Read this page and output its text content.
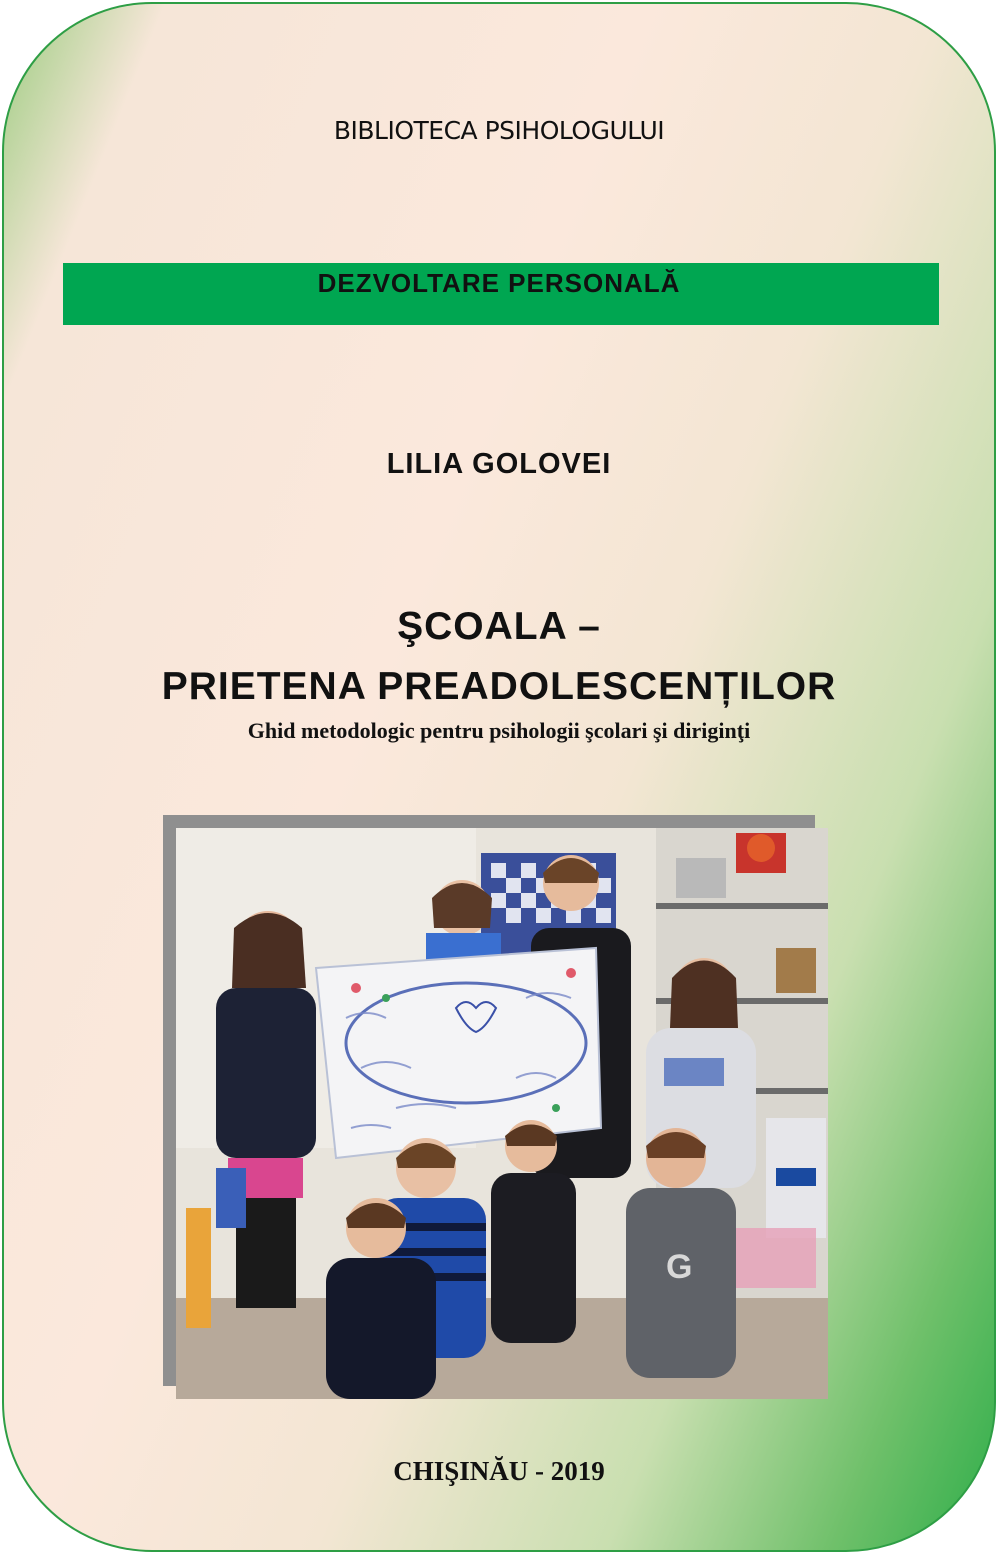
BIBLIOTECA PSIHOLOGULUI
DEZVOLTARE PERSONALĂ
LILIA GOLOVEI
ŞCOALA –
PRIETENA PREADOLESCENȚILOR
Ghid metodologic pentru psihologii şcolari şi diriginţi
G
CHIŞINĂU - 2019
